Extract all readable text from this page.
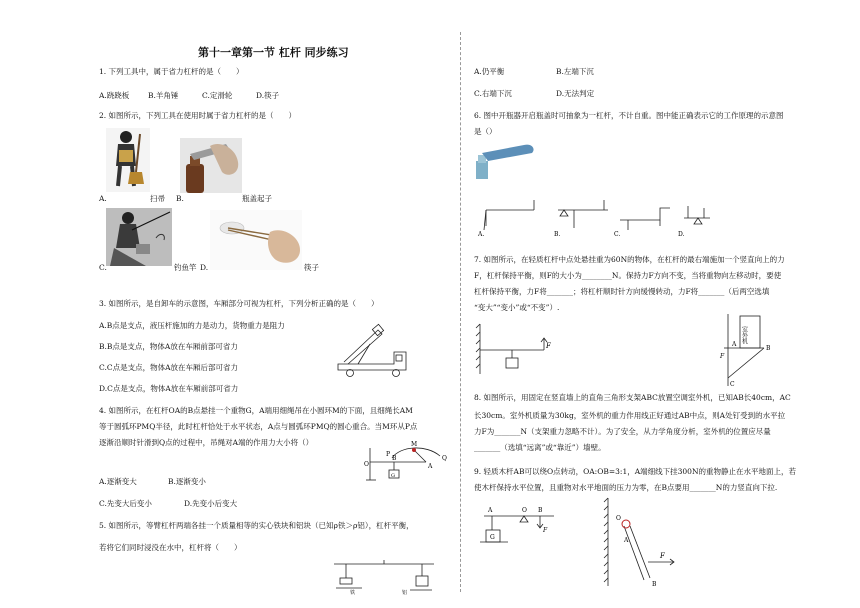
第十一章第一节 杠杆 同步练习
1. 下列工具中，属于省力杠杆的是（　　）
A.跷跷板 B.羊角锤	C.定滑轮	D.筷子
2. 如图所示，下列工具在使用时属于省力杠杆的是（　　）
A.	扫帚 B.	瓶盖起子
C.	钓鱼竿 D.	筷子
3. 如图所示，是自卸车的示意图，车厢部分可视为杠杆，下列分析正确的是（　　）
A.B点是支点，液压杆施加的力是动力，货物重力是阻力
B.B点是支点，物体A放在车厢前部可省力
C.C点是支点，物体A放在车厢后部可省力
D.C点是支点，物体A放在车厢前部可省力
4. 如图所示，在杠杆OA的B点悬挂一个重物G，A端用细绳吊在小圆环M的下面，且细绳长AM
等于圆弧环PMQ半径，此时杠杆恰处于水平状态，A点与圆弧环PMQ的圆心重合。当M环从P点
逐渐沿顺时针滑到Q点的过程中，吊绳对A端的作用力大小将（）
P
M
Q
O
B
A
G
A.逐渐变大	B.逐渐变小
C.先变大后变小	D.先变小后变大
5. 如图所示，等臂杠杆两端各挂一个质量相等的实心铁块和铝块（已知ρ铁＞ρ铝），杠杆平衡，
若将它们同时浸没在水中，杠杆将（　　）
铁	铝
A.仍平衡	B.左端下沉
C.右端下沉	D.无法判定
6. 图中开瓶器开启瓶盖时可抽象为一杠杆，不计自重。图中能正确表示它的工作原理的示意图
是（）
A.	B.	C.	D.
7. 如图所示，在轻质杠杆中点处悬挂重为60N的物体，在杠杆的最右端施加一个竖直向上的力
F，杠杆保持平衡，则F的大小为________N。保持力F方向不变，当将重物向左移动时，要使
杠杆保持平衡，力F将_______；将杠杆顺时针方向缓慢转动，力F将_______（后两空选填
“变大”“变小”或“不变”）.
F
室外机
A
B
C
F
8. 如图所示，用固定在竖直墙上的直角三角形支架ABC放置空调室外机，已知AB长40cm，AC
长30cm。室外机质量为30kg，室外机的重力作用线正好通过AB中点，则A处钉受到的水平拉
力F为_______N（支架重力忽略不计）。为了安全，从力学角度分析，室外机的位置应尽量
_______（选填“远离”或“靠近”）墙壁。
9. 轻质木杆AB可以绕O点转动，OA:OB=3:1，A端细线下挂300N的重物静止在水平地面上，若
使木杆保持水平位置，且重物对水平地面的压力为零，在B点要用_______N的力竖直向下拉.
A	O B
G
F
O
A
B
F
